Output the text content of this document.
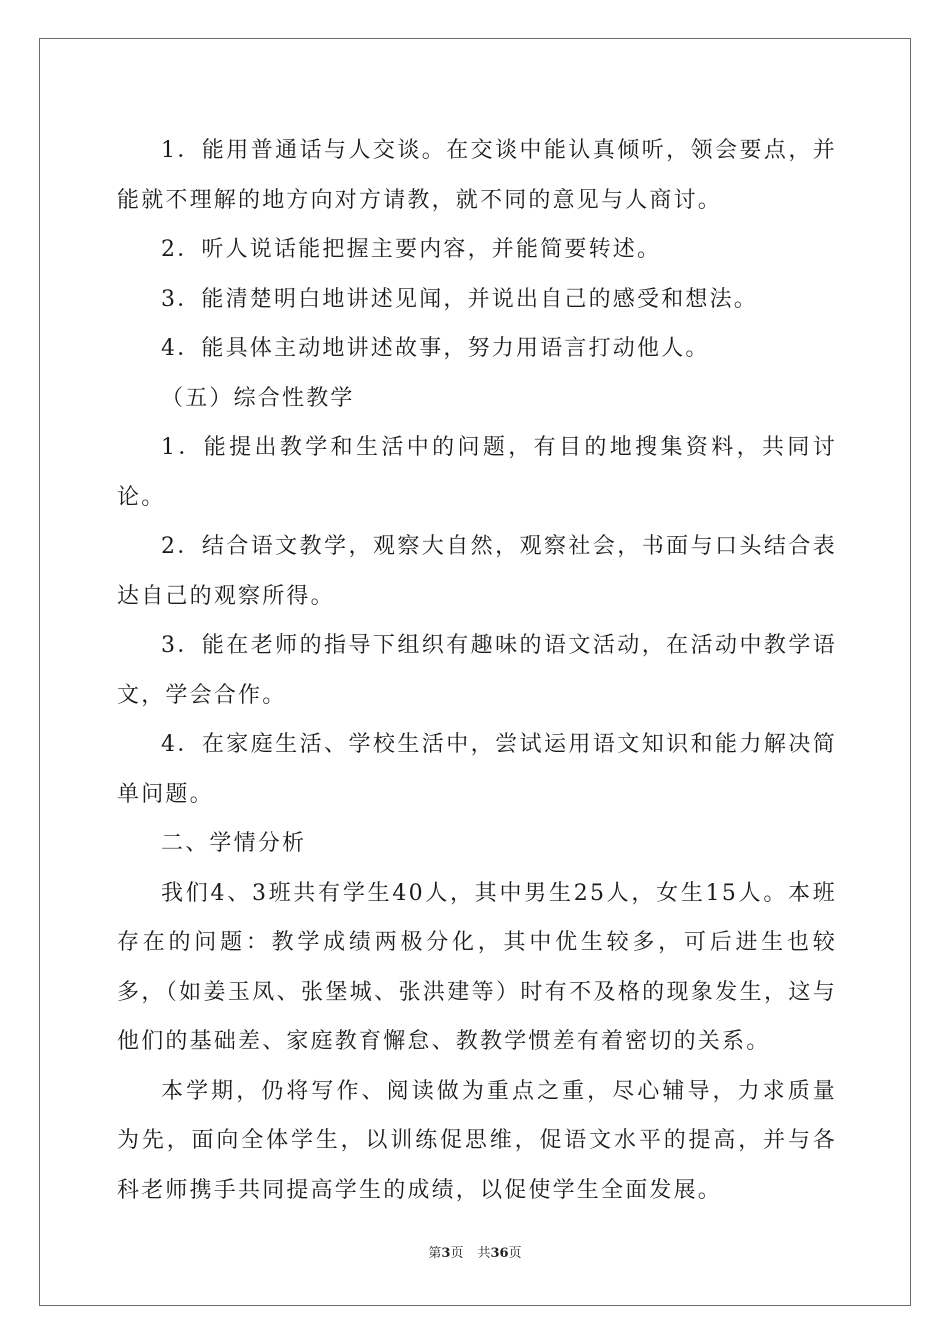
1．能用普通话与人交谈。在交谈中能认真倾听，领会要点，并能就不理解的地方向对方请教，就不同的意见与人商讨。

2．听人说话能把握主要内容，并能简要转述。

3．能清楚明白地讲述见闻，并说出自己的感受和想法。

4．能具体主动地讲述故事，努力用语言打动他人。

（五）综合性教学

1．能提出教学和生活中的问题，有目的地搜集资料，共同讨论。

2．结合语文教学，观察大自然，观察社会，书面与口头结合表达自己的观察所得。

3．能在老师的指导下组织有趣味的语文活动，在活动中教学语文，学会合作。

4．在家庭生活、学校生活中，尝试运用语文知识和能力解决简单问题。

二、学情分析

我们4、3班共有学生40人，其中男生25人，女生15人。本班存在的问题：教学成绩两极分化，其中优生较多，可后进生也较多，（如姜玉凤、张堡城、张洪建等）时有不及格的现象发生，这与他们的基础差、家庭教育懈怠、教教学惯差有着密切的关系。

本学期，仍将写作、阅读做为重点之重，尽心辅导，力求质量为先，面向全体学生，以训练促思维，促语文水平的提高，并与各科老师携手共同提高学生的成绩，以促使学生全面发展。

第3页 共36页
